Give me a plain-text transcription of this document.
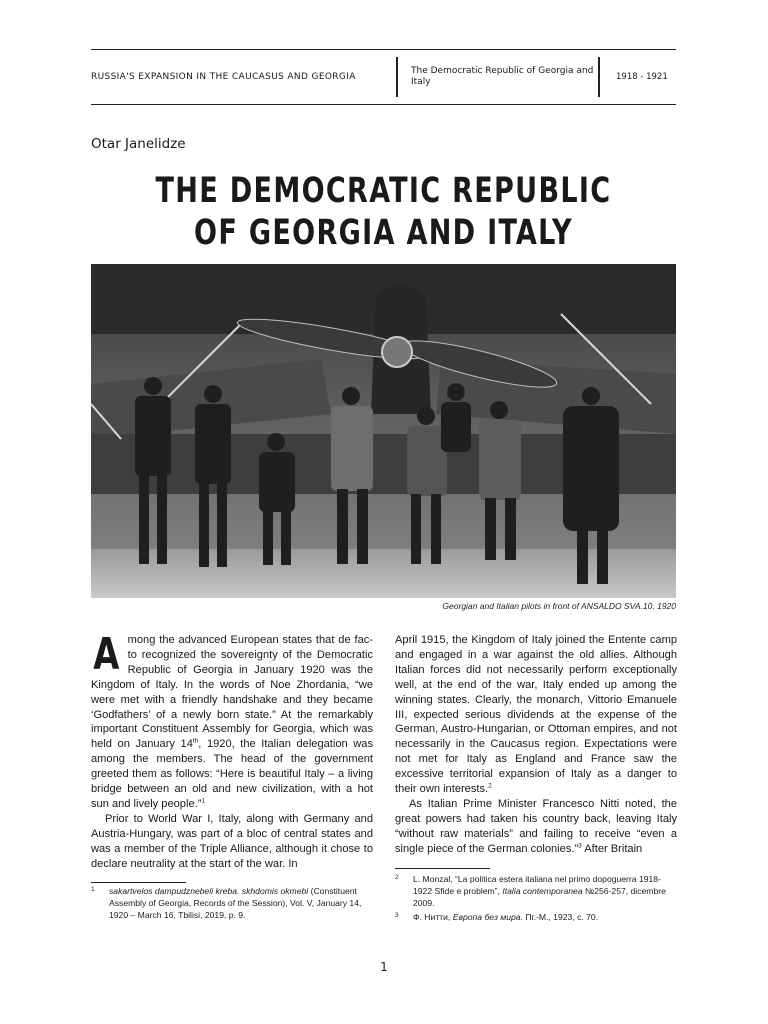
RUSSIA'S EXPANSION IN THE CAUCASUS AND GEORGIA
The Democratic Republic of Georgia and Italy	1918 - 1921
Otar Janelidze
THE DEMOCRATIC REPUBLIC
OF GEORGIA AND ITALY
Georgian and Italian pilots in front of ANSALDO SVA.10, 1920

Among the advanced European states that de facto recognized the sovereignty of the Democratic Republic of Georgia in January 1920 was the Kingdom of Italy. In the words of Noe Zhordania, “we were met with a friendly handshake and they became ‘Godfathers’ of a newly born state.” At the remarkably important Constituent Assembly for Georgia, which was held on January 14th, 1920, the Italian delegation was among the members. The head of the government greeted them as follows: “Here is beautiful Italy – a living bridge between an old and new civilization, with a hot sun and lively people.”$^1$

Prior to World War I, Italy, along with Germany and Austria-Hungary, was part of a bloc of central states and was a member of the Triple Alliance, although it chose to declare neutrality at the start of the war. In

April 1915, the Kingdom of Italy joined the Entente camp and engaged in a war against the old allies. Although Italian forces did not necessarily perform exceptionally well, at the end of the war, Italy ended up among the winning states. Clearly, the monarch, Vittorio Emanuele III, expected serious dividends at the expense of the German, Austro-Hungarian, or Ottoman empires, and not necessarily in the Caucasus region. Expectations were not met for Italy as England and France saw the excessive territorial expansion of Italy as a danger to their own interests.$^2$

As Italian Prime Minister Francesco Nitti noted, the great powers had taken his country back, leaving Italy “without raw materials” and failing to receive “even a single piece of the German colonies.”$^3$ After Britain

1	sakartvelos dampudznebeli kreba. skhdomis okmebi (Constituent Assembly of Georgia, Records of the Session), Vol. V, January 14, 1920 – March 16, Tbilisi, 2019, p. 9.
2	L. Monzal, “La politica estera italiana nel primo dopoguerra 1918-1922 Sfide e problem”, Italia contemporanea №256-257, dicembre 2009.
3	Ф. Нитти, Европа без мира. Пг.-М., 1923, с. 70.
1
